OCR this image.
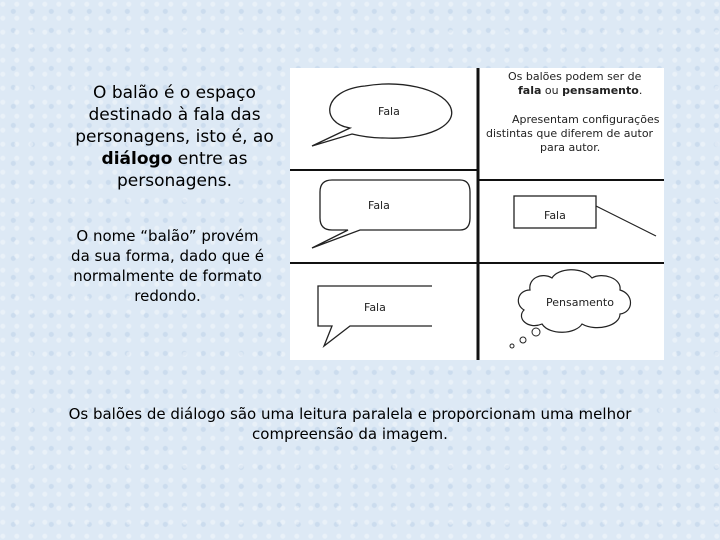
O balão é o espaço destinado à fala das personagens, isto é, ao diálogo entre as personagens.
O nome “balão” provém da sua forma, dado que é normalmente de formato redondo.
Fala
Fala
Fala
Os balões podem ser de
fala ou pensamento.
Apresentam configurações
distintas que diferem de autor
para autor.
Fala
Pensamento
Os balões de diálogo são uma leitura paralela e proporcionam uma melhor compreensão da imagem.
